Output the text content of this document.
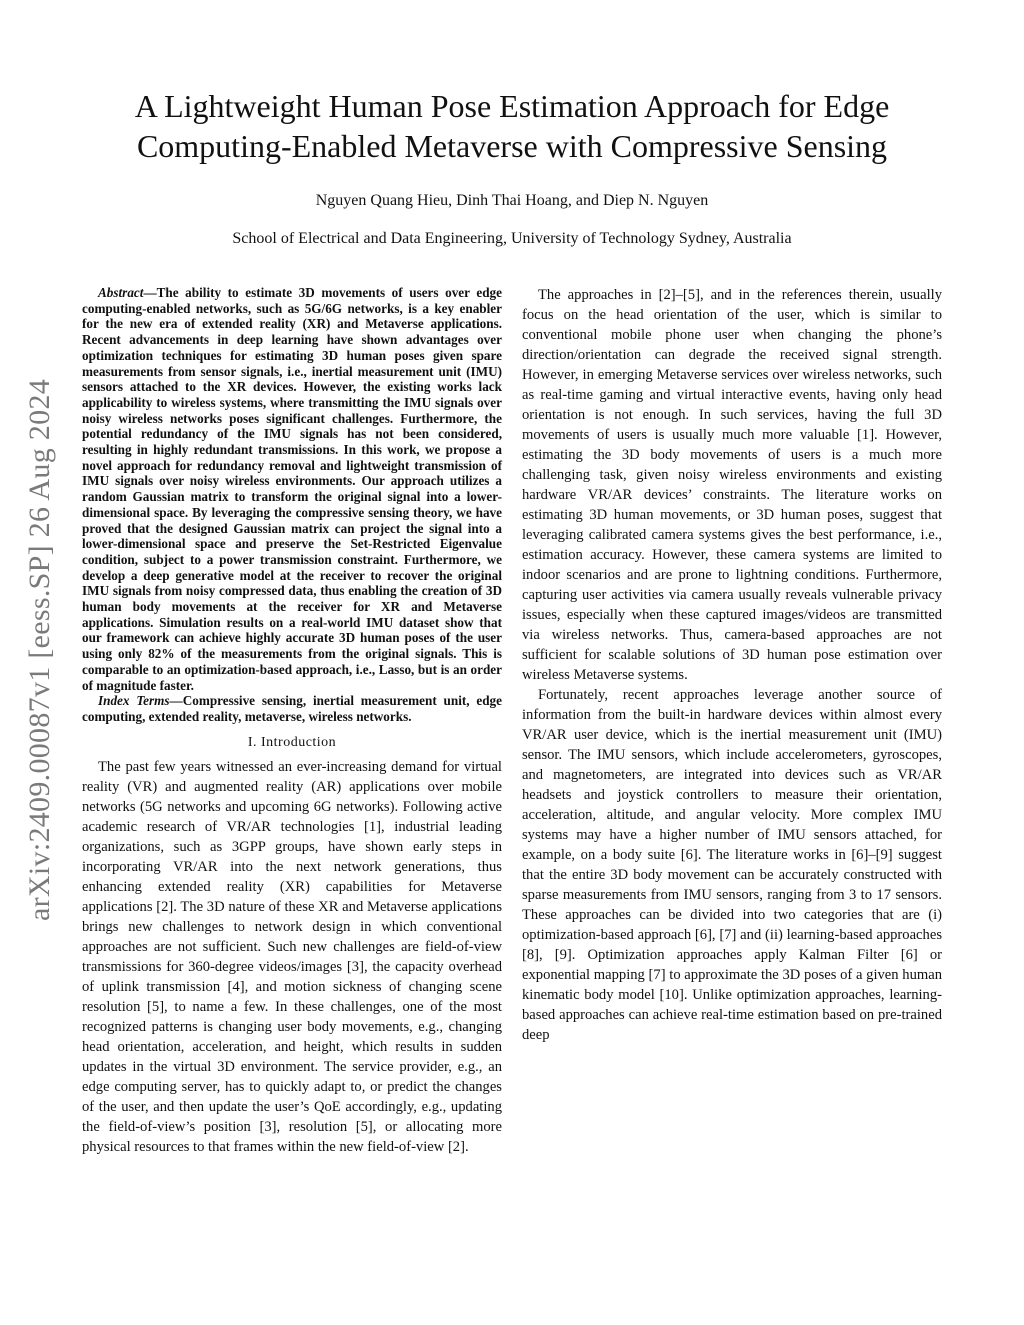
arXiv:2409.00087v1 [eess.SP] 26 Aug 2024
A Lightweight Human Pose Estimation Approach for Edge
Computing-Enabled Metaverse with Compressive Sensing
Nguyen Quang Hieu, Dinh Thai Hoang, and Diep N. Nguyen
School of Electrical and Data Engineering, University of Technology Sydney, Australia

Abstract—The ability to estimate 3D movements of users over edge computing-enabled networks, such as 5G/6G networks, is a key enabler for the new era of extended reality (XR) and Metaverse applications. Recent advancements in deep learning have shown advantages over optimization techniques for estimating 3D human poses given spare measurements from sensor signals, i.e., inertial measurement unit (IMU) sensors attached to the XR devices. However, the existing works lack applicability to wireless systems, where transmitting the IMU signals over noisy wireless networks poses significant challenges. Furthermore, the potential redundancy of the IMU signals has not been considered, resulting in highly redundant transmissions. In this work, we propose a novel approach for redundancy removal and lightweight transmission of IMU signals over noisy wireless environments. Our approach utilizes a random Gaussian matrix to transform the original signal into a lower-dimensional space. By leveraging the compressive sensing theory, we have proved that the designed Gaussian matrix can project the signal into a lower-dimensional space and preserve the Set-Restricted Eigenvalue condition, subject to a power transmission constraint. Furthermore, we develop a deep generative model at the receiver to recover the original IMU signals from noisy compressed data, thus enabling the creation of 3D human body movements at the receiver for XR and Metaverse applications. Simulation results on a real-world IMU dataset show that our framework can achieve highly accurate 3D human poses of the user using only 82% of the measurements from the original signals. This is comparable to an optimization-based approach, i.e., Lasso, but is an order of magnitude faster.

Index Terms—Compressive sensing, inertial measurement unit, edge computing, extended reality, metaverse, wireless networks.

I. Introduction

The past few years witnessed an ever-increasing demand for virtual reality (VR) and augmented reality (AR) applications over mobile networks (5G networks and upcoming 6G networks). Following active academic research of VR/AR technologies [1], industrial leading organizations, such as 3GPP groups, have shown early steps in incorporating VR/AR into the next network generations, thus enhancing extended reality (XR) capabilities for Metaverse applications [2]. The 3D nature of these XR and Metaverse applications brings new challenges to network design in which conventional approaches are not sufficient. Such new challenges are field-of-view transmissions for 360-degree videos/images [3], the capacity overhead of uplink transmission [4], and motion sickness of changing scene resolution [5], to name a few. In these challenges, one of the most recognized patterns is changing user body movements, e.g., changing head orientation, acceleration, and height, which results in sudden updates in the virtual 3D environment. The service provider, e.g., an edge computing server, has to quickly adapt to, or predict the changes of the user, and then update the user’s QoE accordingly, e.g., updating the field-of-view’s position [3], resolution [5], or allocating more physical resources to that frames within the new field-of-view [2].

The approaches in [2]–[5], and in the references therein, usually focus on the head orientation of the user, which is similar to conventional mobile phone user when changing the phone’s direction/orientation can degrade the received signal strength. However, in emerging Metaverse services over wireless networks, such as real-time gaming and virtual interactive events, having only head orientation is not enough. In such services, having the full 3D movements of users is usually much more valuable [1]. However, estimating the 3D body movements of users is a much more challenging task, given noisy wireless environments and existing hardware VR/AR devices’ constraints. The literature works on estimating 3D human movements, or 3D human poses, suggest that leveraging calibrated camera systems gives the best performance, i.e., estimation accuracy. However, these camera systems are limited to indoor scenarios and are prone to lightning conditions. Furthermore, capturing user activities via camera usually reveals vulnerable privacy issues, especially when these captured images/videos are transmitted via wireless networks. Thus, camera-based approaches are not sufficient for scalable solutions of 3D human pose estimation over wireless Metaverse systems.

Fortunately, recent approaches leverage another source of information from the built-in hardware devices within almost every VR/AR user device, which is the inertial measurement unit (IMU) sensor. The IMU sensors, which include accelerometers, gyroscopes, and magnetometers, are integrated into devices such as VR/AR headsets and joystick controllers to measure their orientation, acceleration, altitude, and angular velocity. More complex IMU systems may have a higher number of IMU sensors attached, for example, on a body suite [6]. The literature works in [6]–[9] suggest that the entire 3D body movement can be accurately constructed with sparse measurements from IMU sensors, ranging from 3 to 17 sensors. These approaches can be divided into two categories that are (i) optimization-based approach [6], [7] and (ii) learning-based approaches [8], [9]. Optimization approaches apply Kalman Filter [6] or exponential mapping [7] to approximate the 3D poses of a given human kinematic body model [10]. Unlike optimization approaches, learning-based approaches can achieve real-time estimation based on pre-trained deep
